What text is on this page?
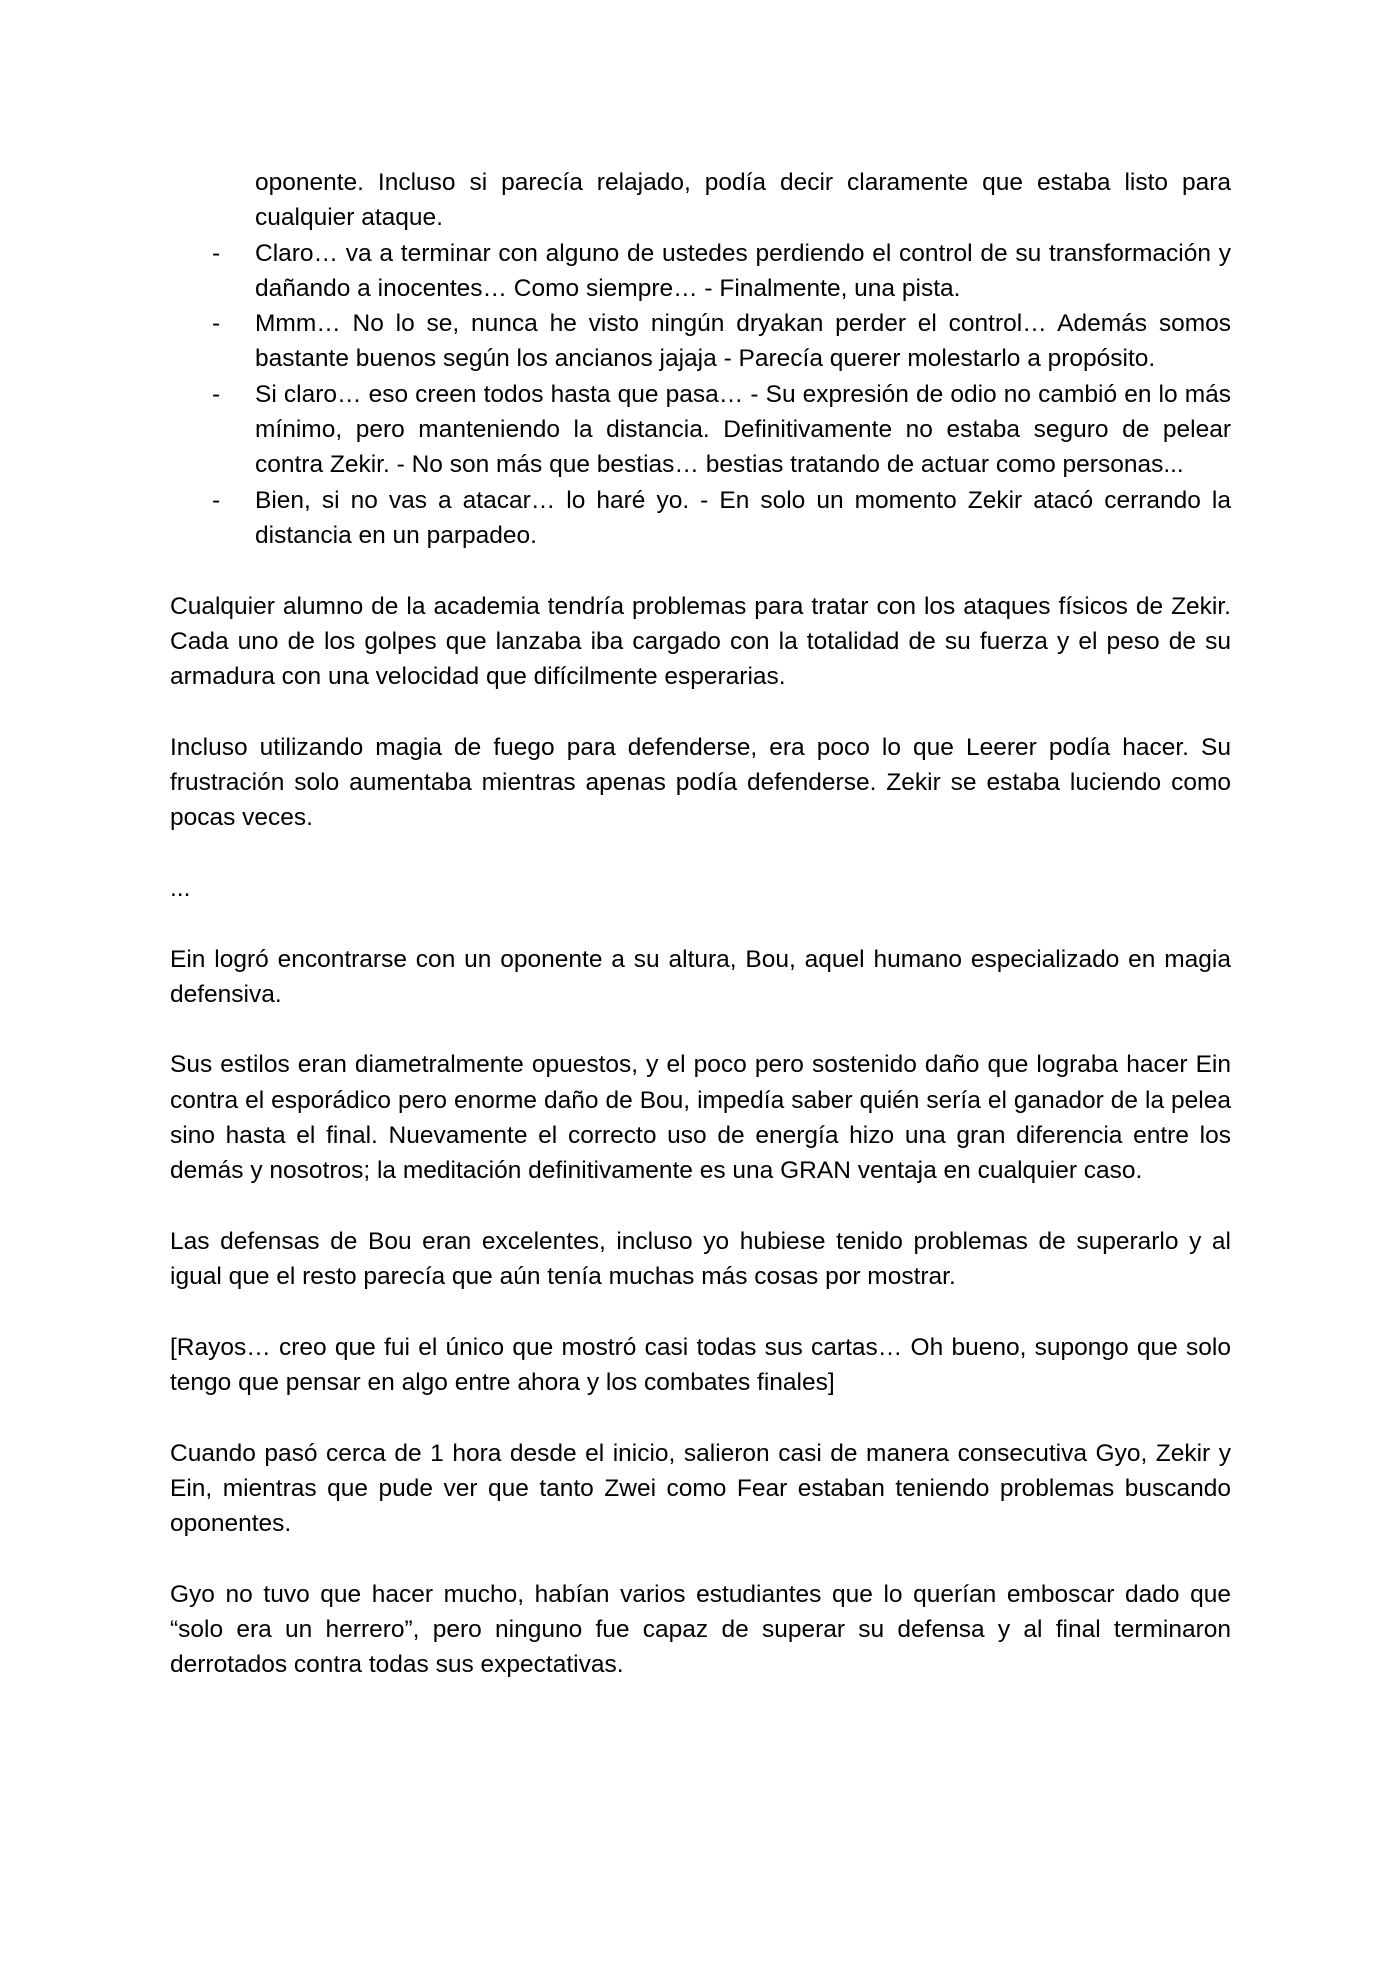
oponente. Incluso si parecía relajado, podía decir claramente que estaba listo para cualquier ataque.

- Claro… va a terminar con alguno de ustedes perdiendo el control de su transformación y dañando a inocentes… Como siempre… - Finalmente, una pista.
- Mmm… No lo se, nunca he visto ningún dryakan perder el control… Además somos bastante buenos según los ancianos jajaja - Parecía querer molestarlo a propósito.
- Si claro… eso creen todos hasta que pasa… - Su expresión de odio no cambió en lo más mínimo, pero manteniendo la distancia. Definitivamente no estaba seguro de pelear contra Zekir. - No son más que bestias… bestias tratando de actuar como personas...
- Bien, si no vas a atacar… lo haré yo. - En solo un momento Zekir atacó cerrando la distancia en un parpadeo.

Cualquier alumno de la academia tendría problemas para tratar con los ataques físicos de Zekir. Cada uno de los golpes que lanzaba iba cargado con la totalidad de su fuerza y el peso de su armadura con una velocidad que difícilmente esperarias.

Incluso utilizando magia de fuego para defenderse, era poco lo que Leerer podía hacer. Su frustración solo aumentaba mientras apenas podía defenderse. Zekir se estaba luciendo como pocas veces.

...

Ein logró encontrarse con un oponente a su altura, Bou, aquel humano especializado en magia defensiva.

Sus estilos eran diametralmente opuestos, y el poco pero sostenido daño que lograba hacer Ein contra el esporádico pero enorme daño de Bou, impedía saber quién sería el ganador de la pelea sino hasta el final. Nuevamente el correcto uso de energía hizo una gran diferencia entre los demás y nosotros; la meditación definitivamente es una GRAN ventaja en cualquier caso.

Las defensas de Bou eran excelentes, incluso yo hubiese tenido problemas de superarlo y al igual que el resto parecía que aún tenía muchas más cosas por mostrar.

[Rayos… creo que fui el único que mostró casi todas sus cartas… Oh bueno, supongo que solo tengo que pensar en algo entre ahora y los combates finales]

Cuando pasó cerca de 1 hora desde el inicio, salieron casi de manera consecutiva Gyo, Zekir y Ein, mientras que pude ver que tanto Zwei como Fear estaban teniendo problemas buscando oponentes.

Gyo no tuvo que hacer mucho, habían varios estudiantes que lo querían emboscar dado que “solo era un herrero”, pero ninguno fue capaz de superar su defensa y al final terminaron derrotados contra todas sus expectativas.
